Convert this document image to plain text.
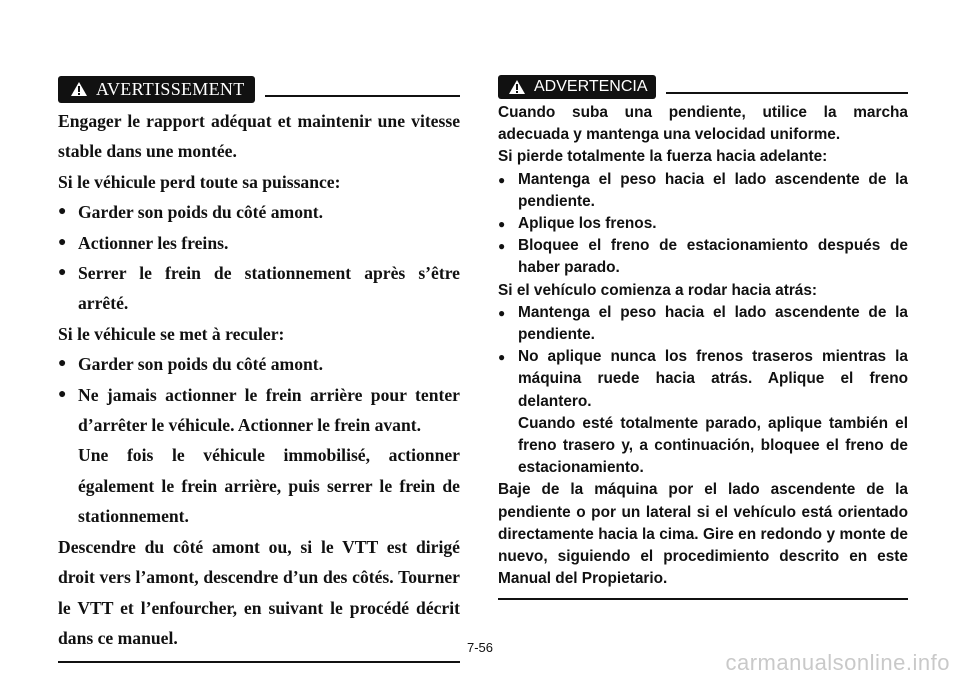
AVERTISSEMENT

Engager le rapport adéquat et maintenir une vitesse stable dans une montée.

Si le véhicule perd toute sa puissance:

● Garder son poids du côté amont.
● Actionner les freins.
● Serrer le frein de stationnement après s’être arrêté.

Si le véhicule se met à reculer:

● Garder son poids du côté amont.
● Ne jamais actionner le frein arrière pour tenter d’arrêter le véhicule. Actionner le frein avant.
Une fois le véhicule immobilisé, actionner également le frein arrière, puis serrer le frein de stationnement.

Descendre du côté amont ou, si le VTT est dirigé droit vers l’amont, descendre d’un des côtés. Tourner le VTT et l’enfourcher, en suivant le procédé décrit dans ce manuel.

ADVERTENCIA

Cuando suba una pendiente, utilice la marcha adecuada y mantenga una velocidad uniforme.

Si pierde totalmente la fuerza hacia adelante:

● Mantenga el peso hacia el lado ascendente de la pendiente.
● Aplique los frenos.
● Bloquee el freno de estacionamiento después de haber parado.

Si el vehículo comienza a rodar hacia atrás:

● Mantenga el peso hacia el lado ascendente de la pendiente.
● No aplique nunca los frenos traseros mientras la máquina ruede hacia atrás. Aplique el freno delantero.
Cuando esté totalmente parado, aplique también el freno trasero y, a continuación, bloquee el freno de estacionamiento.

Baje de la máquina por el lado ascendente de la pendiente o por un lateral si el vehículo está orientado directamente hacia la cima. Gire en redondo y monte de nuevo, siguiendo el procedimiento descrito en este Manual del Propietario.

7-56
carmanualsonline.info
